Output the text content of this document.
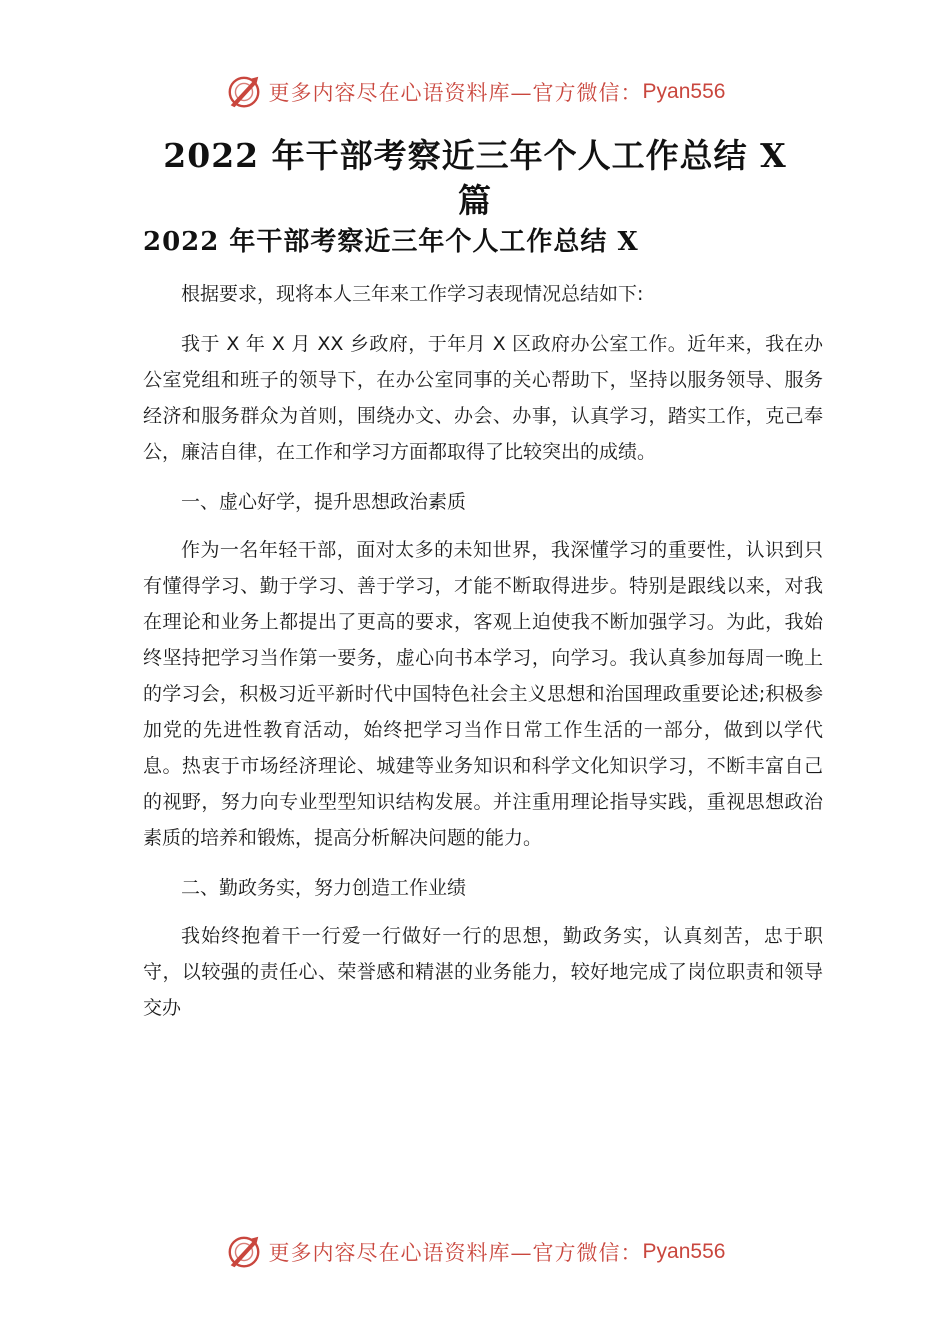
更多内容尽在心语资料库—官方微信： Pyan556
2022 年干部考察近三年个人工作总结 X 篇
2022 年干部考察近三年个人工作总结 X

根据要求，现将本人三年来工作学习表现情况总结如下:

我于 X 年 X 月 XX 乡政府，于年月 X 区政府办公室工作。近年来，我在办公室党组和班子的领导下，在办公室同事的关心帮助下，坚持以服务领导、服务经济和服务群众为首则，围绕办文、办会、办事，认真学习，踏实工作，克己奉公，廉洁自律，在工作和学习方面都取得了比较突出的成绩。

一、虚心好学，提升思想政治素质

作为一名年轻干部，面对太多的未知世界，我深懂学习的重要性，认识到只有懂得学习、勤于学习、善于学习，才能不断取得进步。特别是跟线以来，对我在理论和业务上都提出了更高的要求，客观上迫使我不断加强学习。为此，我始终坚持把学习当作第一要务，虚心向书本学习，向学习。我认真参加每周一晚上的学习会，积极习近平新时代中国特色社会主义思想和治国理政重要论述;积极参加党的先进性教育活动，始终把学习当作日常工作生活的一部分，做到以学代息。热衷于市场经济理论、城建等业务知识和科学文化知识学习，不断丰富自己的视野，努力向专业型型知识结构发展。并注重用理论指导实践，重视思想政治素质的培养和锻炼，提高分析解决问题的能力。

二、勤政务实，努力创造工作业绩

我始终抱着干一行爱一行做好一行的思想，勤政务实，认真刻苦，忠于职守，以较强的责任心、荣誉感和精湛的业务能力，较好地完成了岗位职责和领导交办

更多内容尽在心语资料库—官方微信： Pyan556
